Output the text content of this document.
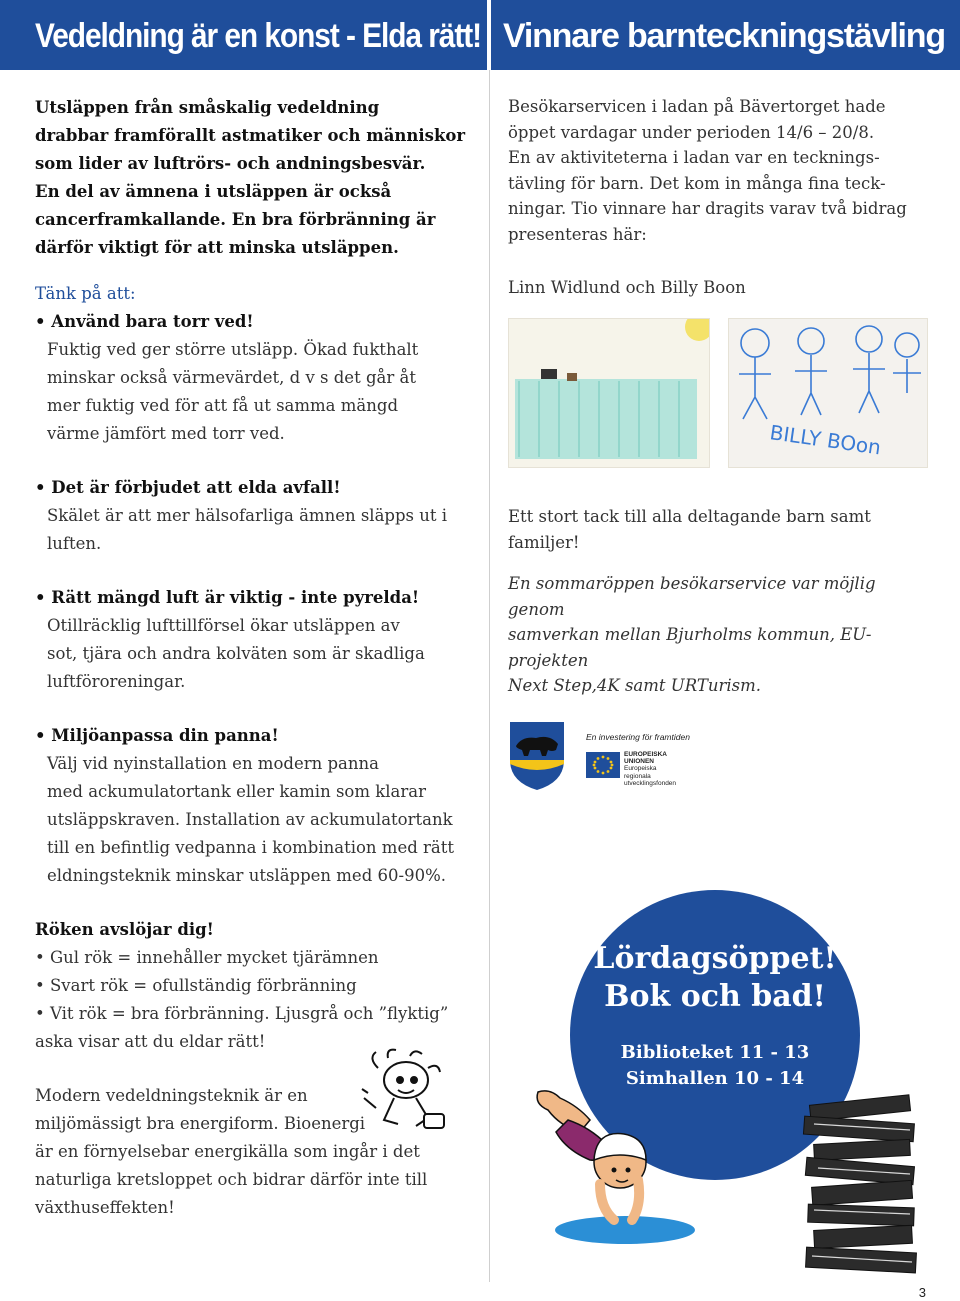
Vedeldning är en konst - Elda rätt! Vinnare barnteckningstävling

Utsläppen från småskalig vedeldning

drabbar framförallt astmatiker och människor

som lider av luftrörs- och andningsbesvär.

En del av ämnena i utsläppen är också

cancerframkallande. En bra förbränning är

därför viktigt för att minska utsläppen.

Tänk på att:

• Använd bara torr ved!

Fuktig ved ger större utsläpp. Ökad fukthalt

minskar också värmevärdet, d v s det går åt

mer fuktig ved för att få ut samma mängd

värme jämfört med torr ved.

• Det är förbjudet att elda avfall!

Skälet är att mer hälsofarliga ämnen släpps ut i

luften.

• Rätt mängd luft är viktig - inte pyrelda!

Otillräcklig lufttillförsel ökar utsläppen av

sot, tjära och andra kolväten som är skadliga

luftföroreningar.

• Miljöanpassa din panna!

Välj vid nyinstallation en modern panna

med ackumulatortank eller kamin som klarar

utsläppskraven. Installation av ackumulatortank

till en befintlig vedpanna i kombination med rätt

eldningsteknik minskar utsläppen med 60-90%.

Röken avslöjar dig!

• Gul rök = innehåller mycket tjärämnen

• Svart rök = ofullständig förbränning

• Vit rök = bra förbränning. Ljusgrå och ”flyktig”

aska visar att du eldar rätt!

Modern vedeldningsteknik är en

miljömässigt bra energiform. Bioenergi

är en förnyelsebar energikälla som ingår i det

naturliga kretsloppet och bidrar därför inte till

växthuseffekten!

Besökarservicen i ladan på Bävertorget hade

öppet vardagar under perioden 14/6 – 20/8.

En av aktiviteterna i ladan var en tecknings-

tävling för barn. Det kom in många fina teck-

ningar. Tio vinnare har dragits varav två bidrag

presenteras här:

Linn Widlund och Billy Boon

BILLY BOon

Ett stort tack till alla deltagande barn samt

familjer!

En sommaröppen besökarservice var möjlig genom

samverkan mellan Bjurholms kommun, EU- projekten

Next Step,4K samt URTurism.

En investering för framtiden
EUROPEISKA
UNIONEN
Europeiska
regionala
utvecklingsfonden
Lördagsöppet!
Bok och bad!
Biblioteket 11 - 13
Simhallen 10 - 14
3
